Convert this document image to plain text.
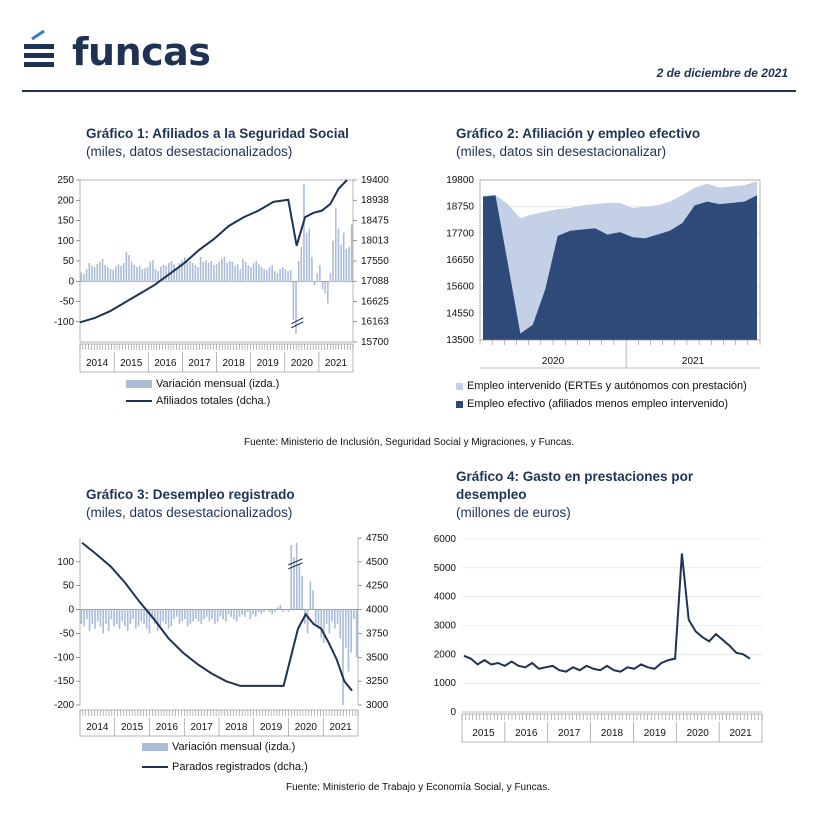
funcas	2 de diciembre de 2021
Gráfico 1: Afiliados a la Seguridad Social
(miles, datos desestacionalizados)
250
200
150
100
50
0
-50
-100
19400
18938
18475
18013
17550
17088
16625
16163
15700
2014 2015 2016 2017 2018 2019 2020 2021
Variación mensual (izda.)
Afiliados totales (dcha.)
Gráfico 2: Afiliación y empleo efectivo
(miles, datos sin desestacionalizar)
19800
18750
17700
16650
15600
14550
13500
2020	2021
Empleo intervenido (ERTEs y autónomos con prestación)
Empleo efectivo (afiliados menos empleo intervenido)
Fuente: Ministerio de Inclusión, Seguridad Social y Migraciones, y Funcas.
Gráfico 3: Desempleo registrado
(miles, datos desestacionalizados)
100
50
0
-50
-100
-150
-200
4750
4500
4250
4000
3750
3500
3250
3000
2014 2015 2016 2017 2018 2019 2020 2021
Variación mensual (izda.)
Parados registrados (dcha.)
Gráfico 4: Gasto en prestaciones por
desempleo
(millones de euros)
6000
5000
4000
3000
2000
1000
0
2015 2016 2017 2018 2019 2020 2021
Fuente: Ministerio de Trabajo y Economía Social, y Funcas.
